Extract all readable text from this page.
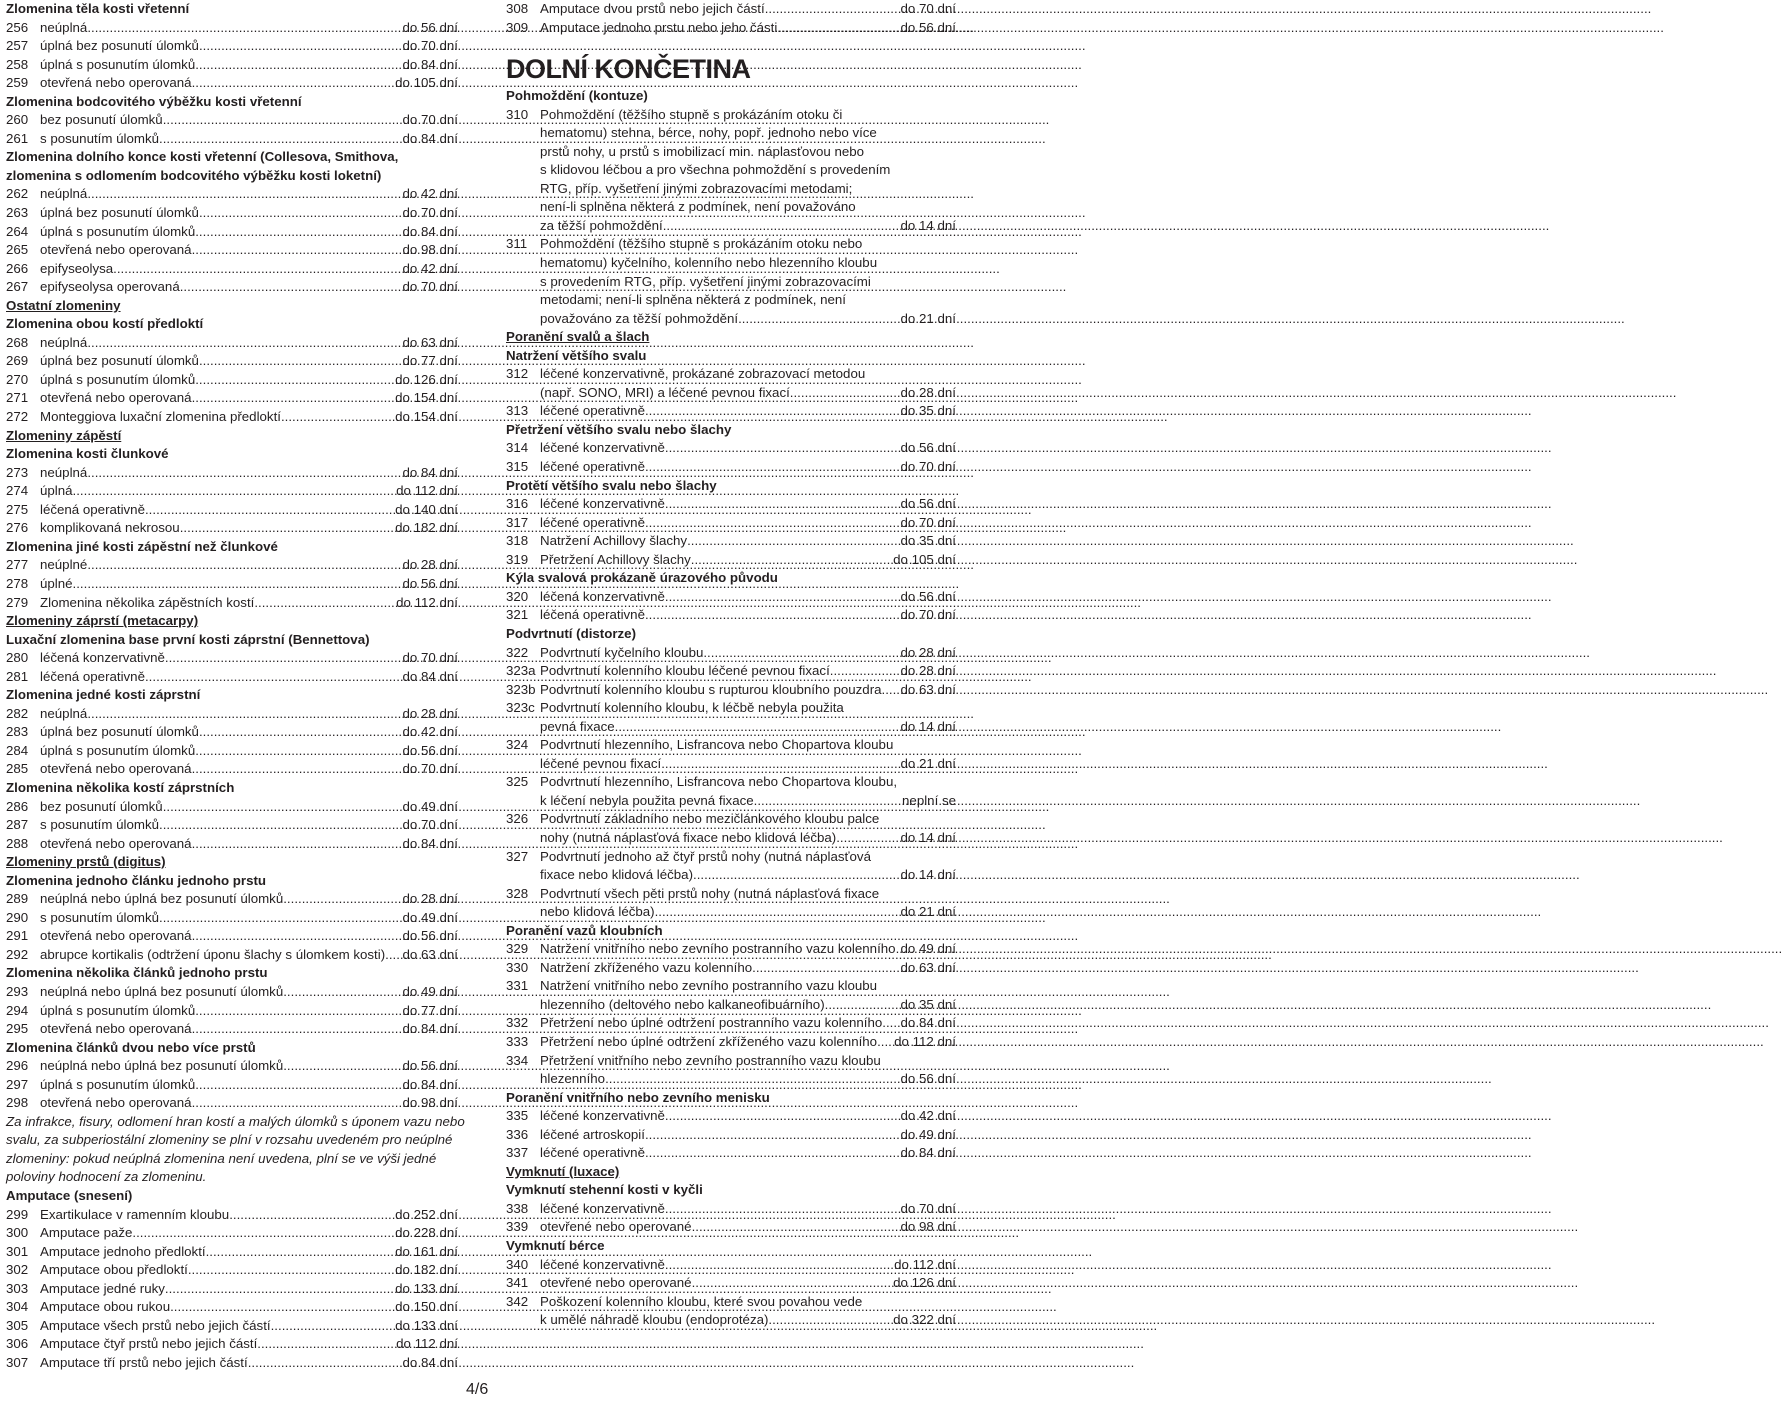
Zlomenina těla kosti vřetenní
256 neúplná .....	do 56 dní
257 úplná bez posunutí úlomků .....	do 70 dní
258 úplná s posunutím úlomků .....	do 84 dní
259 otevřená nebo operovaná .....	do 105 dní
Zlomenina bodcovitého výběžku kosti vřetenní
260 bez posunutí úlomků .....	do 70 dní
261 s posunutím úlomků .....	do 84 dní
Zlomenina dolního konce kosti vřetenní (Collesova, Smithova,
zlomenina s odlomením bodcovitého výběžku kosti loketní)
262 neúplná .....	do 42 dní
263 úplná bez posunutí úlomků .....	do 70 dní
264 úplná s posunutím úlomků .....	do 84 dní
265 otevřená nebo operovaná .....	do 98 dní
266 epifyseolysa .....	do 42 dní
267 epifyseolysa operovaná .....	do 70 dní
Ostatní zlomeniny
Zlomenina obou kostí předloktí
268 neúplná .....	do 63 dní
269 úplná bez posunutí úlomků .....	do 77 dní
270 úplná s posunutím úlomků .....	do 126 dní
271 otevřená nebo operovaná .....	do 154 dní
272 Monteggiova luxační zlomenina předloktí .....	do 154 dní
Zlomeniny zápěstí
Zlomenina kosti člunkové
273 neúplná .....	do 84 dní
274 úplná .....	do 112 dní
275 léčená operativně .....	do 140 dní
276 komplikovaná nekrosou .....	do 182 dní
Zlomenina jiné kosti zápěstní než člunkové
277 neúplné .....	do 28 dní
278 úplné .....	do 56 dní
279 Zlomenina několika zápěstních kostí .....	do 112 dní
Zlomeniny záprstí (metacarpy)
Luxační zlomenina base první kosti záprstní (Bennettova)
280 léčená konzervativně .....	do 70 dní
281 léčená operativně .....	do 84 dní
Zlomenina jedné kosti záprstní
282 neúplná .....	do 28 dní
283 úplná bez posunutí úlomků .....	do 42 dní
284 úplná s posunutím úlomků .....	do 56 dní
285 otevřená nebo operovaná .....	do 70 dní
Zlomenina několika kostí záprstních
286 bez posunutí úlomků .....	do 49 dní
287 s posunutím úlomků .....	do 70 dní
288 otevřená nebo operovaná .....	do 84 dní
Zlomeniny prstů (digitus)
Zlomenina jednoho článku jednoho prstu
289 neúplná nebo úplná bez posunutí úlomků .....	do 28 dní
290 s posunutím úlomků .....	do 49 dní
291 otevřená nebo operovaná .....	do 56 dní
292 abrupce kortikalis (odtržení úponu šlachy s úlomkem kosti) ..... do 63 dní
Zlomenina několika článků jednoho prstu
293 neúplná nebo úplná bez posunutí úlomků .....	do 49 dní
294 úplná s posunutím úlomků .....	do 77 dní
295 otevřená nebo operovaná .....	do 84 dní
Zlomenina článků dvou nebo více prstů
296 neúplná nebo úplná bez posunutí úlomků .....	do 56 dní
297 úplná s posunutím úlomků .....	do 84 dní
298 otevřená nebo operovaná .....	do 98 dní
Za infrakce, fisury, odlomení hran kostí a malých úlomků s úponem vazu nebo
svalu, za subperiostální zlomeniny se plní v rozsahu uvedeném pro neúplné
zlomeniny: pokud neúplná zlomenina není uvedena, plní se ve výši jedné
poloviny hodnocení za zlomeninu.
Amputace (snesení)
299 Exartikulace v ramenním kloubu .....	do 252 dní
300 Amputace paže .....	do 228 dní
301 Amputace jednoho předloktí .....	do 161 dní
302 Amputace obou předloktí .....	do 182 dní
303 Amputace jedné ruky .....	do 133 dní
304 Amputace obou rukou .....	do 150 dní
305 Amputace všech prstů nebo jejich částí .....	do 133 dní
306 Amputace čtyř prstů nebo jejich částí .....	do 112 dní
307 Amputace tří prstů nebo jejich částí .....	do 84 dní
308 Amputace dvou prstů nebo jejich částí .....	do 70 dní
309 Amputace jednoho prstu nebo jeho části .....	do 56 dní
DOLNÍ KONČETINA
Pohmoždění (kontuze)
310 Pohmoždění (těžšího stupně s prokázáním otoku či
hematomu) stehna, bérce, nohy, popř. jednoho nebo více
prstů nohy, u prstů s imobilizací min. náplasťovou nebo
s klidovou léčbou a pro všechna pohmoždění s provedením
RTG, příp. vyšetření jinými zobrazovacími metodami;
není-li splněna některá z podmínek, není považováno
za těžší pohmoždění .....	do 14 dní
311 Pohmoždění (těžšího stupně s prokázáním otoku nebo
hematomu) kyčelního, kolenního nebo hlezenního kloubu
s provedením RTG, příp. vyšetření jinými zobrazovacími
metodami; není-li splněna některá z podmínek, není
považováno za těžší pohmoždění .....	do 21 dní
Poranění svalů a šlach
Natržení většího svalu
312 léčené konzervativně, prokázané zobrazovací metodou
(např. SONO, MRI) a léčené pevnou fixací .....	do 28 dní
313 léčené operativně .....	do 35 dní
Přetržení většího svalu nebo šlachy
314 léčené konzervativně .....	do 56 dní
315 léčené operativně .....	do 70 dní
Protětí většího svalu nebo šlachy
316 léčené konzervativně .....	do 56 dní
317 léčené operativně .....	do 70 dní
318 Natržení Achillovy šlachy .....	do 35 dní
319 Přetržení Achillovy šlachy .....	do 105 dní
Kýla svalová prokázaně úrazového původu
320 léčená konzervativně .....	do 56 dní
321 léčená operativně .....	do 70 dní
Podvrtnutí (distorze)
322 Podvrtnutí kyčelního kloubu .....	do 28 dní
323a Podvrtnutí kolenního kloubu léčené pevnou fixací .....	do 28 dní
323b Podvrtnutí kolenního kloubu s rupturou kloubního pouzdra ..... do 63 dní
323c Podvrtnutí kolenního kloubu, k léčbě nebyla použita
pevná fixace .....	do 14 dní
324 Podvrtnutí hlezenního, Lisfrancova nebo Chopartova kloubu
léčené pevnou fixací .....	do 21 dní
325 Podvrtnutí hlezenního, Lisfrancova nebo Chopartova kloubu,
k léčení nebyla použita pevná fixace .....	neplní se
326 Podvrtnutí základního nebo mezičlánkového kloubu palce
nohy (nutná náplasťová fixace nebo klidová léčba) .....	do 14 dní
327 Podvrtnutí jednoho až čtyř prstů nohy (nutná náplasťová
fixace nebo klidová léčba) .....	do 14 dní
328 Podvrtnutí všech pěti prstů nohy (nutná náplasťová fixace
nebo klidová léčba) .....	do 21 dní
Poranění vazů kloubních
329 Natržení vnitřního nebo zevního postranního vazu kolenního ..... do 49 dní
330 Natržení zkříženého vazu kolenního .....	do 63 dní
331 Natržení vnitřního nebo zevního postranního vazu kloubu
hlezenního (deltového nebo kalkaneofibuárního) .....	do 35 dní
332 Přetržení nebo úplné odtržení postranního vazu kolenního ..... do 84 dní
333 Přetržení nebo úplné odtržení zkříženého vazu kolenního ..... do 112 dní
334 Přetržení vnitřního nebo zevního postranního vazu kloubu
hlezenního .....	do 56 dní
Poranění vnitřního nebo zevního menisku
335 léčené konzervativně .....	do 42 dní
336 léčené artroskopií .....	do 49 dní
337 léčené operativně .....	do 84 dní
Vymknutí (luxace)
Vymknutí stehenní kosti v kyčli
338 léčené konzervativně .....	do 70 dní
339 otevřené nebo operované .....	do 98 dní
Vymknutí bérce
340 léčené konzervativně .....	do 112 dní
341 otevřené nebo operované .....	do 126 dní
342 Poškození kolenního kloubu, které svou povahou vede
k umělé náhradě kloubu (endoprotéza) .....	do 322 dní
4/6
